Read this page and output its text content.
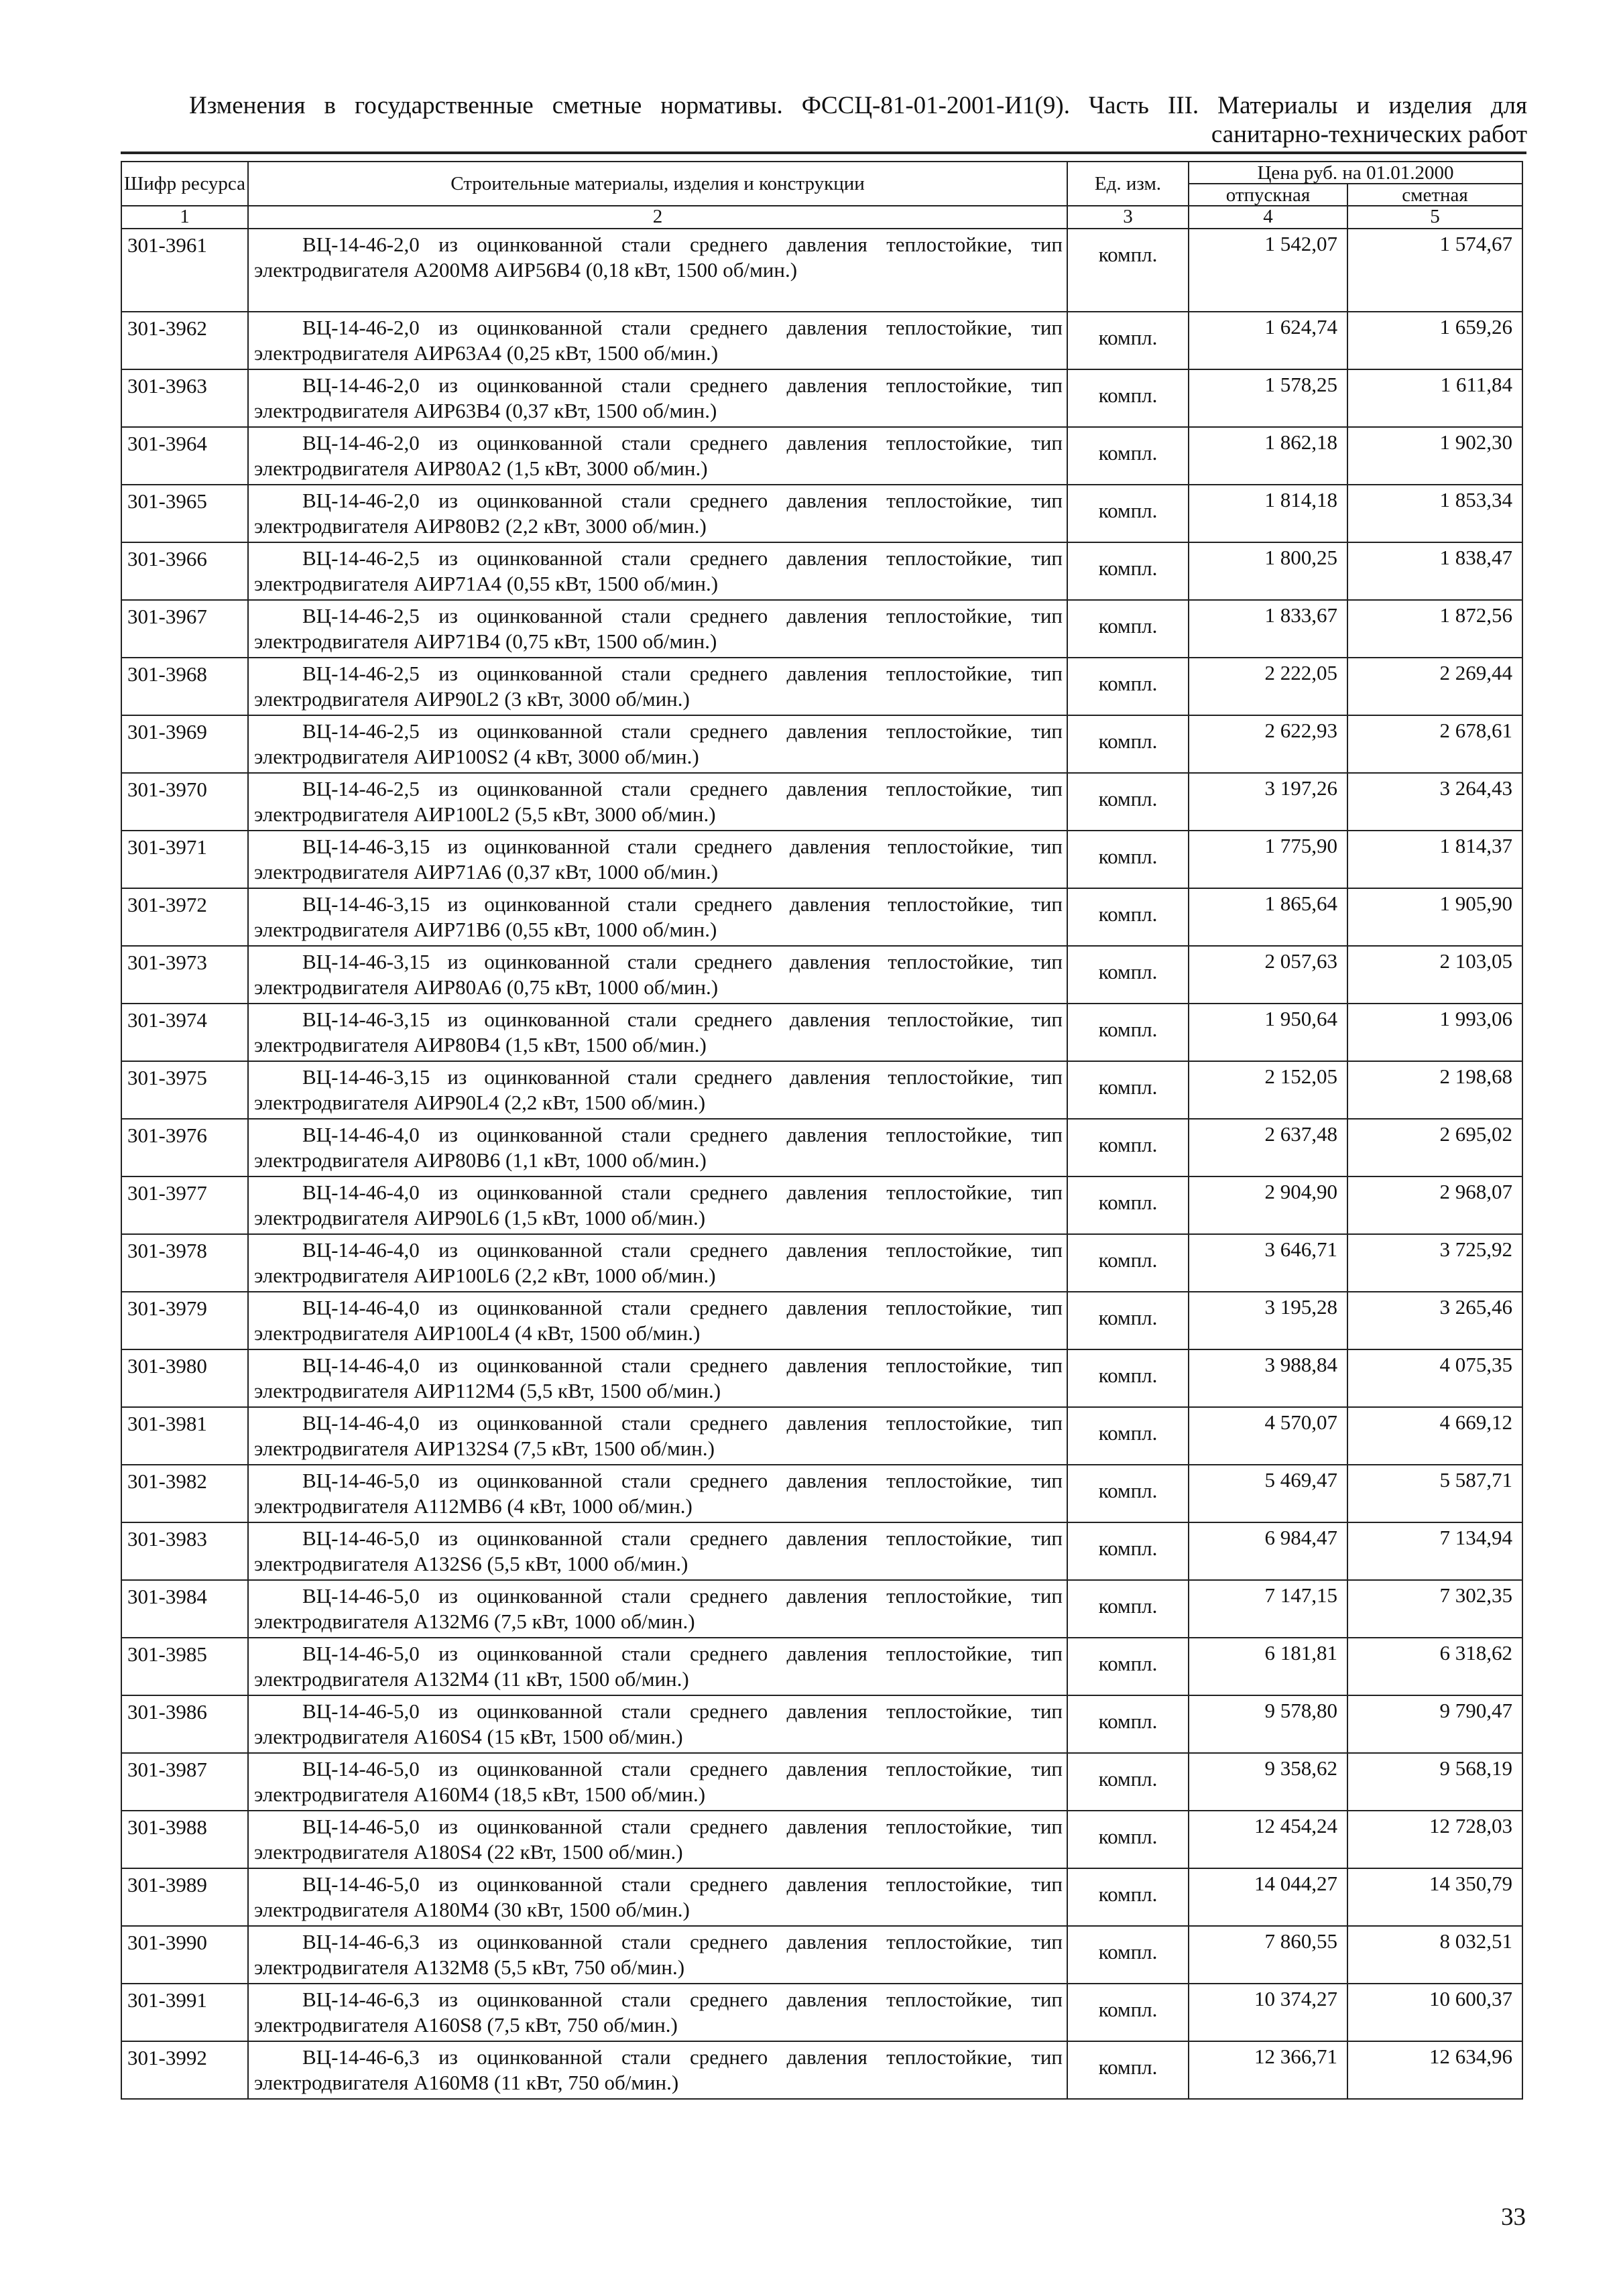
Изменения в государственные сметные нормативы. ФССЦ-81-01-2001-И1(9). Часть III. Материалы и изделия для
санитарно-технических работ
Шифр ресурса	Строительные материалы, изделия и конструкции	Ед. изм.	Цена руб. на 01.01.2000	
			отпускная	сметная
1	2	3	4	5
301-3961	ВЦ-14-46-2,0 из оцинкованной стали среднего давления теплостойкие, тип электродвигателя А200М8 АИР56В4 (0,18 кВт, 1500 об/мин.)	компл.	1 542,07	1 574,67
301-3962	ВЦ-14-46-2,0 из оцинкованной стали среднего давления теплостойкие, тип электродвигателя АИР63А4 (0,25 кВт, 1500 об/мин.)	компл.	1 624,74	1 659,26
301-3963	ВЦ-14-46-2,0 из оцинкованной стали среднего давления теплостойкие, тип электродвигателя АИР63В4 (0,37 кВт, 1500 об/мин.)	компл.	1 578,25	1 611,84
301-3964	ВЦ-14-46-2,0 из оцинкованной стали среднего давления теплостойкие, тип электродвигателя АИР80А2 (1,5 кВт, 3000 об/мин.)	компл.	1 862,18	1 902,30
301-3965	ВЦ-14-46-2,0 из оцинкованной стали среднего давления теплостойкие, тип электродвигателя АИР80В2 (2,2 кВт, 3000 об/мин.)	компл.	1 814,18	1 853,34
301-3966	ВЦ-14-46-2,5 из оцинкованной стали среднего давления теплостойкие, тип электродвигателя АИР71А4 (0,55 кВт, 1500 об/мин.)	компл.	1 800,25	1 838,47
301-3967	ВЦ-14-46-2,5 из оцинкованной стали среднего давления теплостойкие, тип электродвигателя АИР71В4 (0,75 кВт, 1500 об/мин.)	компл.	1 833,67	1 872,56
301-3968	ВЦ-14-46-2,5 из оцинкованной стали среднего давления теплостойкие, тип электродвигателя АИР90L2 (3 кВт, 3000 об/мин.)	компл.	2 222,05	2 269,44
301-3969	ВЦ-14-46-2,5 из оцинкованной стали среднего давления теплостойкие, тип электродвигателя АИР100S2 (4 кВт, 3000 об/мин.)	компл.	2 622,93	2 678,61
301-3970	ВЦ-14-46-2,5 из оцинкованной стали среднего давления теплостойкие, тип электродвигателя АИР100L2 (5,5 кВт, 3000 об/мин.)	компл.	3 197,26	3 264,43
301-3971	ВЦ-14-46-3,15 из оцинкованной стали среднего давления теплостойкие, тип электродвигателя АИР71А6 (0,37 кВт, 1000 об/мин.)	компл.	1 775,90	1 814,37
301-3972	ВЦ-14-46-3,15 из оцинкованной стали среднего давления теплостойкие, тип электродвигателя АИР71В6 (0,55 кВт, 1000 об/мин.)	компл.	1 865,64	1 905,90
301-3973	ВЦ-14-46-3,15 из оцинкованной стали среднего давления теплостойкие, тип электродвигателя АИР80А6 (0,75 кВт, 1000 об/мин.)	компл.	2 057,63	2 103,05
301-3974	ВЦ-14-46-3,15 из оцинкованной стали среднего давления теплостойкие, тип электродвигателя АИР80В4 (1,5 кВт, 1500 об/мин.)	компл.	1 950,64	1 993,06
301-3975	ВЦ-14-46-3,15 из оцинкованной стали среднего давления теплостойкие, тип электродвигателя АИР90L4 (2,2 кВт, 1500 об/мин.)	компл.	2 152,05	2 198,68
301-3976	ВЦ-14-46-4,0 из оцинкованной стали среднего давления теплостойкие, тип электродвигателя АИР80В6 (1,1 кВт, 1000 об/мин.)	компл.	2 637,48	2 695,02
301-3977	ВЦ-14-46-4,0 из оцинкованной стали среднего давления теплостойкие, тип электродвигателя АИР90L6 (1,5 кВт, 1000 об/мин.)	компл.	2 904,90	2 968,07
301-3978	ВЦ-14-46-4,0 из оцинкованной стали среднего давления теплостойкие, тип электродвигателя АИР100L6 (2,2 кВт, 1000 об/мин.)	компл.	3 646,71	3 725,92
301-3979	ВЦ-14-46-4,0 из оцинкованной стали среднего давления теплостойкие, тип электродвигателя АИР100L4 (4 кВт, 1500 об/мин.)	компл.	3 195,28	3 265,46
301-3980	ВЦ-14-46-4,0 из оцинкованной стали среднего давления теплостойкие, тип электродвигателя АИР112М4 (5,5 кВт, 1500 об/мин.)	компл.	3 988,84	4 075,35
301-3981	ВЦ-14-46-4,0 из оцинкованной стали среднего давления теплостойкие, тип электродвигателя АИР132S4 (7,5 кВт, 1500 об/мин.)	компл.	4 570,07	4 669,12
301-3982	ВЦ-14-46-5,0 из оцинкованной стали среднего давления теплостойкие, тип электродвигателя А112МВ6 (4 кВт, 1000 об/мин.)	компл.	5 469,47	5 587,71
301-3983	ВЦ-14-46-5,0 из оцинкованной стали среднего давления теплостойкие, тип электродвигателя А132S6 (5,5 кВт, 1000 об/мин.)	компл.	6 984,47	7 134,94
301-3984	ВЦ-14-46-5,0 из оцинкованной стали среднего давления теплостойкие, тип электродвигателя А132М6 (7,5 кВт, 1000 об/мин.)	компл.	7 147,15	7 302,35
301-3985	ВЦ-14-46-5,0 из оцинкованной стали среднего давления теплостойкие, тип электродвигателя А132М4 (11 кВт, 1500 об/мин.)	компл.	6 181,81	6 318,62
301-3986	ВЦ-14-46-5,0 из оцинкованной стали среднего давления теплостойкие, тип электродвигателя А160S4 (15 кВт, 1500 об/мин.)	компл.	9 578,80	9 790,47
301-3987	ВЦ-14-46-5,0 из оцинкованной стали среднего давления теплостойкие, тип электродвигателя А160М4 (18,5 кВт, 1500 об/мин.)	компл.	9 358,62	9 568,19
301-3988	ВЦ-14-46-5,0 из оцинкованной стали среднего давления теплостойкие, тип электродвигателя А180S4 (22 кВт, 1500 об/мин.)	компл.	12 454,24	12 728,03
301-3989	ВЦ-14-46-5,0 из оцинкованной стали среднего давления теплостойкие, тип электродвигателя А180М4 (30 кВт, 1500 об/мин.)	компл.	14 044,27	14 350,79
301-3990	ВЦ-14-46-6,3 из оцинкованной стали среднего давления теплостойкие, тип электродвигателя А132М8 (5,5 кВт, 750 об/мин.)	компл.	7 860,55	8 032,51
301-3991	ВЦ-14-46-6,3 из оцинкованной стали среднего давления теплостойкие, тип электродвигателя А160S8 (7,5 кВт, 750 об/мин.)	компл.	10 374,27	10 600,37
301-3992	ВЦ-14-46-6,3 из оцинкованной стали среднего давления теплостойкие, тип электродвигателя А160М8 (11 кВт, 750 об/мин.)	компл.	12 366,71	12 634,96
33
